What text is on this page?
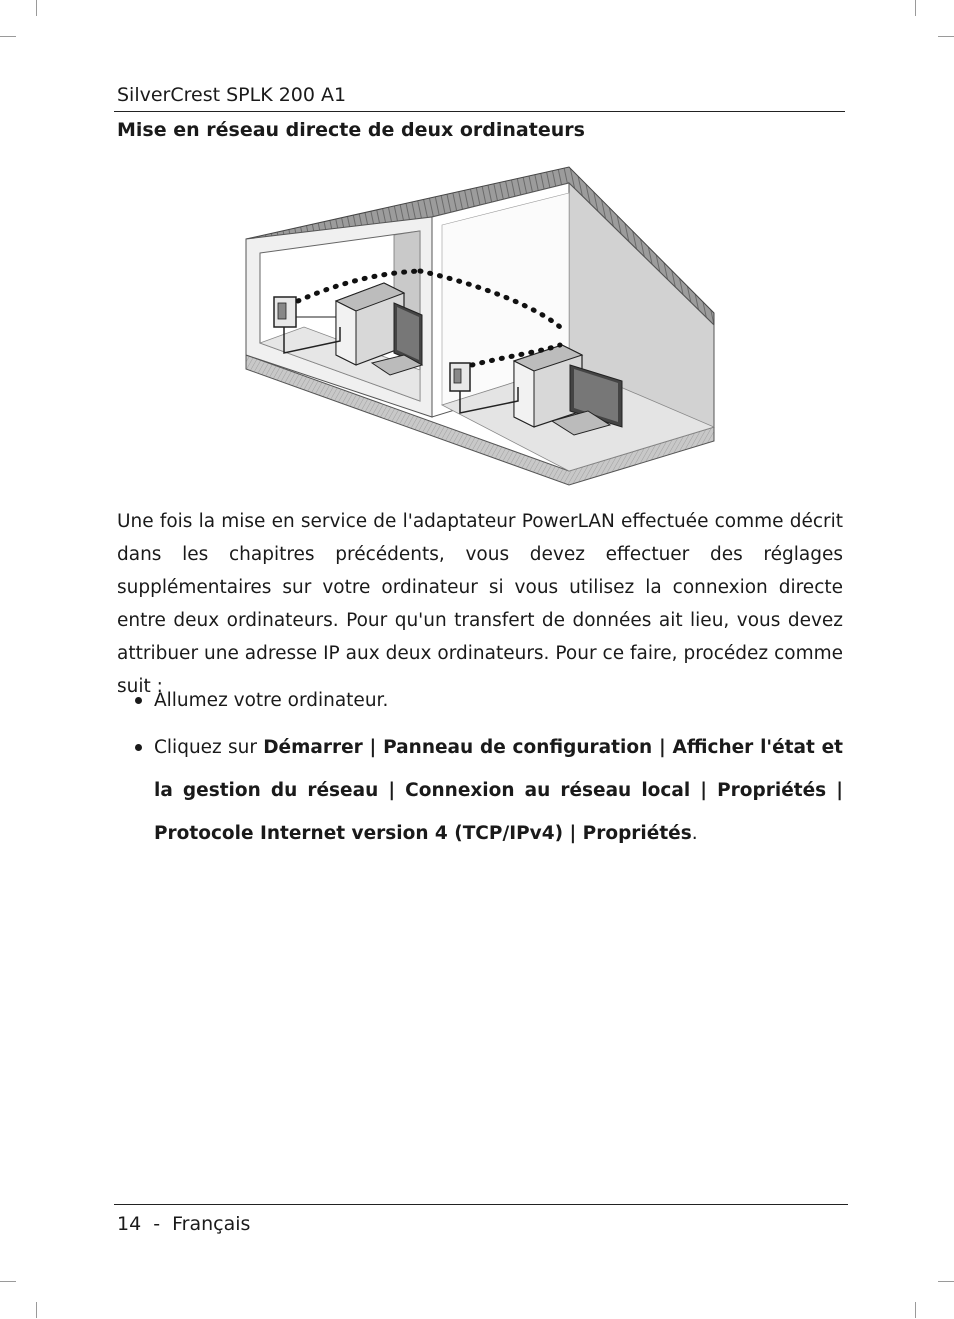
SilverCrest SPLK 200 A1
Mise en réseau directe de deux ordinateurs
Une fois la mise en service de l'adaptateur PowerLAN effectuée comme décrit dans les chapitres précédents, vous devez effectuer des réglages supplémentaires sur votre ordinateur si vous utilisez la connexion directe entre deux ordinateurs. Pour qu'un transfert de données ait lieu, vous devez attribuer une adresse IP aux deux ordinateurs. Pour ce faire, procédez comme suit :
Allumez votre ordinateur.
Cliquez sur Démarrer | Panneau de configuration | Afficher l'état et la gestion du réseau | Connexion au réseau local | Propriétés | Protocole Internet version 4 (TCP/IPv4) | Propriétés.
14 - Français
